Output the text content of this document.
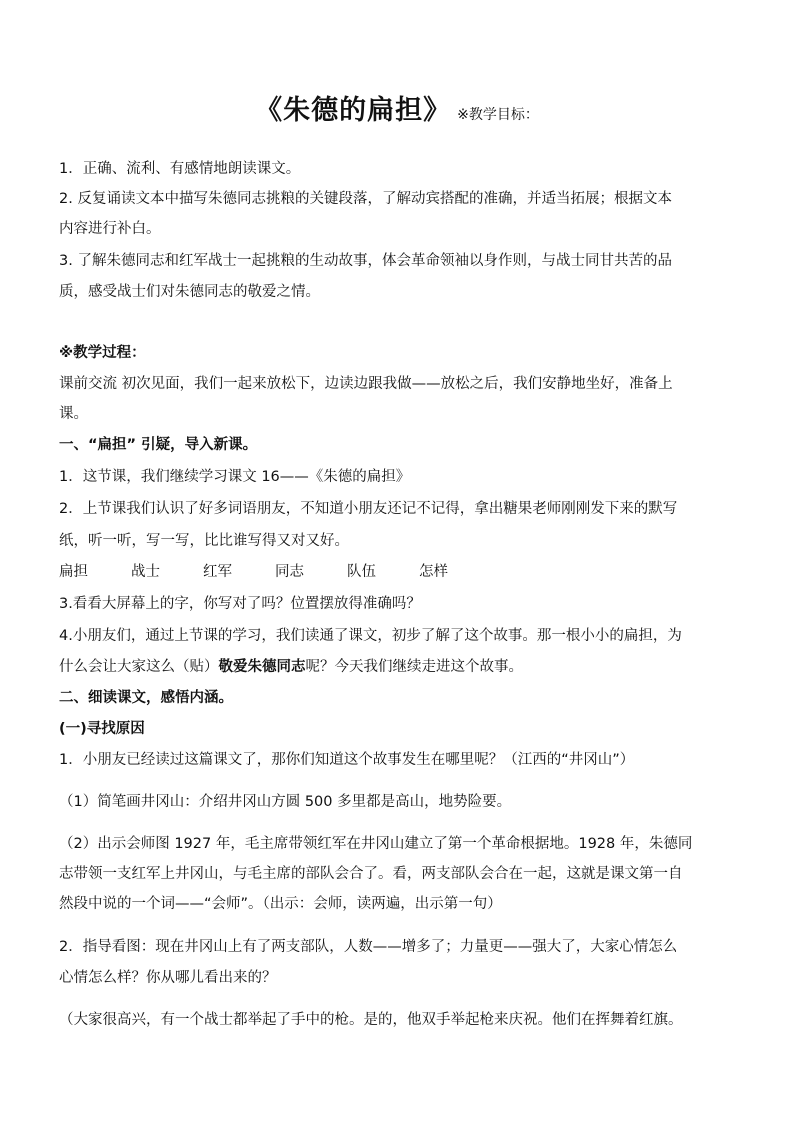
《朱德的扁担》 ※教学目标：
1．正确、流利、有感情地朗读课文。
2. 反复诵读文本中描写朱德同志挑粮的关键段落，了解动宾搭配的准确，并适当拓展；根据文本
内容进行补白。
3. 了解朱德同志和红军战士一起挑粮的生动故事，体会革命领袖以身作则，与战士同甘共苦的品
质，感受战士们对朱德同志的敬爱之情。
※教学过程：
课前交流 初次见面，我们一起来放松下，边读边跟我做——放松之后，我们安静地坐好，准备上
课。
一、“扁担” 引疑，导入新课。
1．这节课，我们继续学习课文 16——《朱德的扁担》
2．上节课我们认识了好多词语朋友，不知道小朋友还记不记得，拿出糖果老师刚刚发下来的默写
纸，听一听，写一写，比比谁写得又对又好。
扁担	战士	红军	同志	队伍	怎样
3.看看大屏幕上的字，你写对了吗？位置摆放得准确吗？
4.小朋友们，通过上节课的学习，我们读通了课文，初步了解了这个故事。那一根小小的扁担，为
什么会让大家这么（贴）敬爱朱德同志呢？今天我们继续走进这个故事。
二、细读课文，感悟内涵。
(一)寻找原因
1．小朋友已经读过这篇课文了，那你们知道这个故事发生在哪里呢？（江西的“井冈山”）
（1）简笔画井冈山：介绍井冈山方圆 500 多里都是高山，地势险要。
（2）出示会师图 1927 年，毛主席带领红军在井冈山建立了第一个革命根据地。1928 年，朱德同
志带领一支红军上井冈山，与毛主席的部队会合了。看，两支部队会合在一起，这就是课文第一自
然段中说的一个词——“会师”。（出示：会师，读两遍，出示第一句）
2．指导看图：现在井冈山上有了两支部队，人数——增多了；力量更——强大了，大家心情怎么
心情怎么样？你从哪儿看出来的？
（大家很高兴，有一个战士都举起了手中的枪。是的，他双手举起枪来庆祝。他们在挥舞着红旗。
